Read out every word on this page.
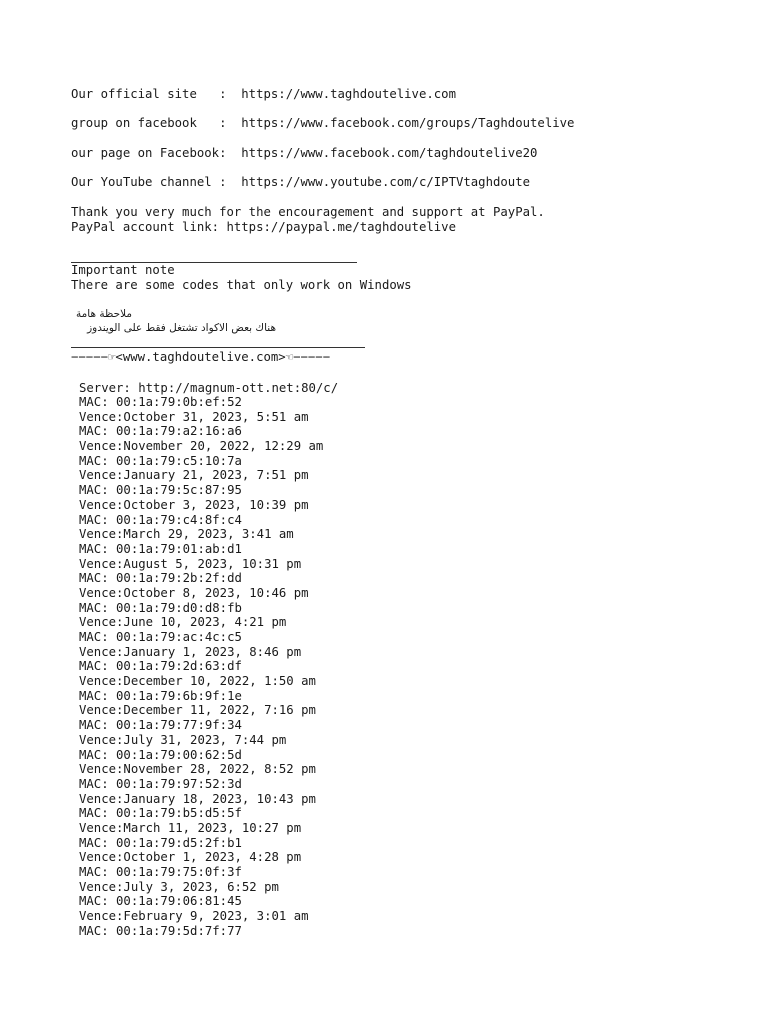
Our official site   :  https://www.taghdoutelive.com
group on facebook   :  https://www.facebook.com/groups/Taghdoutelive
our page on Facebook:  https://www.facebook.com/taghdoutelive20
Our YouTube channel :  https://www.youtube.com/c/IPTVtaghdoute
Thank you very much for the encouragement and support at PayPal.
PayPal account link: https://paypal.me/taghdoutelive
Important note
There are some codes that only work on Windows
ملاحظة هامة
هناك بعض الاكواد تشتغل فقط على الويندوز
−−−−−☞<www.taghdoutelive.com>☜−−−−−
Server: http://magnum-ott.net:80/c/
MAC: 00:1a:79:0b:ef:52
Vence:October 31, 2023, 5:51 am
MAC: 00:1a:79:a2:16:a6
Vence:November 20, 2022, 12:29 am
MAC: 00:1a:79:c5:10:7a
Vence:January 21, 2023, 7:51 pm
MAC: 00:1a:79:5c:87:95
Vence:October 3, 2023, 10:39 pm
MAC: 00:1a:79:c4:8f:c4
Vence:March 29, 2023, 3:41 am
MAC: 00:1a:79:01:ab:d1
Vence:August 5, 2023, 10:31 pm
MAC: 00:1a:79:2b:2f:dd
Vence:October 8, 2023, 10:46 pm
MAC: 00:1a:79:d0:d8:fb
Vence:June 10, 2023, 4:21 pm
MAC: 00:1a:79:ac:4c:c5
Vence:January 1, 2023, 8:46 pm
MAC: 00:1a:79:2d:63:df
Vence:December 10, 2022, 1:50 am
MAC: 00:1a:79:6b:9f:1e
Vence:December 11, 2022, 7:16 pm
MAC: 00:1a:79:77:9f:34
Vence:July 31, 2023, 7:44 pm
MAC: 00:1a:79:00:62:5d
Vence:November 28, 2022, 8:52 pm
MAC: 00:1a:79:97:52:3d
Vence:January 18, 2023, 10:43 pm
MAC: 00:1a:79:b5:d5:5f
Vence:March 11, 2023, 10:27 pm
MAC: 00:1a:79:d5:2f:b1
Vence:October 1, 2023, 4:28 pm
MAC: 00:1a:79:75:0f:3f
Vence:July 3, 2023, 6:52 pm
MAC: 00:1a:79:06:81:45
Vence:February 9, 2023, 3:01 am
MAC: 00:1a:79:5d:7f:77
